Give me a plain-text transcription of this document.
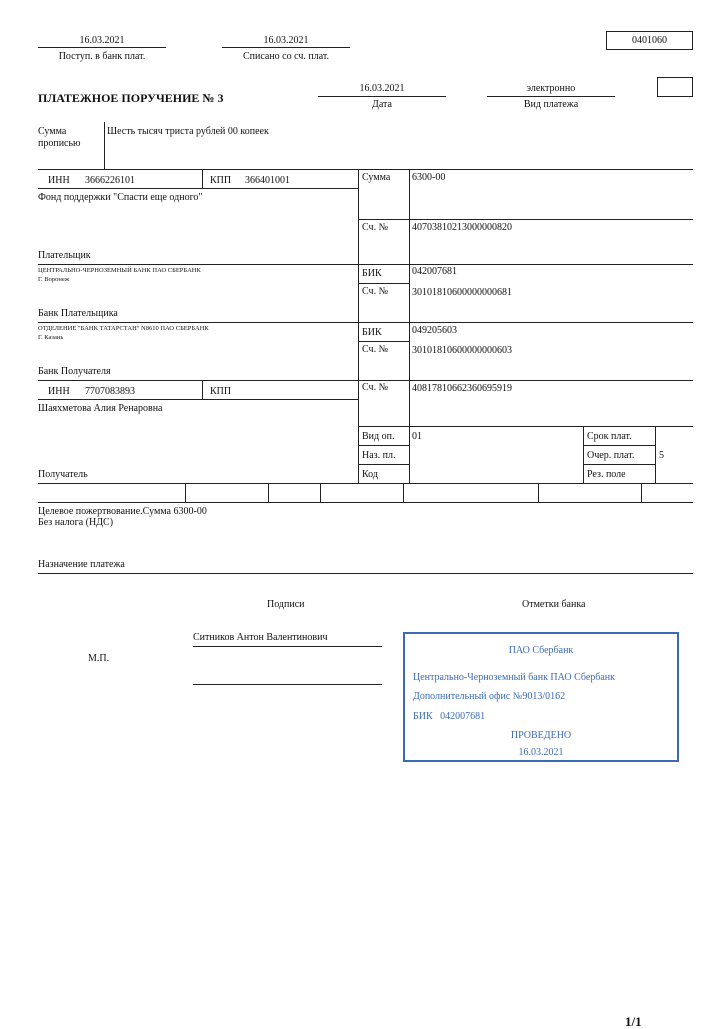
16.03.2021
Поступ. в банк плат.
16.03.2021
Списано со сч. плат.
0401060
ПЛАТЕЖНОЕ ПОРУЧЕНИЕ № 3
16.03.2021
Дата
электронно
Вид платежа
Сумма
прописью
Шесть тысяч триста рублей 00 копеек
ИНН 3666226101	КПП 366401001
Фонд поддержки "Спасти еще одного"
Сумма 6300-00
Сч. № 40703810213000000820
Плательщик
ЦЕНТРАЛЬНО-ЧЕРНОЗЕМНЫЙ БАНК ПАО СБЕРБАНК
Г. Воронеж
БИК	042007681
Сч. № 30101810600000000681
Банк Плательщика
ОТДЕЛЕНИЕ "БАНК ТАТАРСТАН" N8610 ПАО СБЕРБАНК
Г. Казань	БИК	049205603
Сч. № 30101810600000000603
Банк Получателя
ИНН 7707083893	КПП
Шаяхметова Алия Ренаровна
Сч. № 40817810662360695919
Вид оп. 01	Срок плат.
Наз. пл.	Очер. плат. 5
Код	Рез. поле
Получатель
Целевое пожертвование.Сумма 6300-00
Без налога (НДС)
Назначение платежа
Подписи	Отметки банка
Ситников Антон Валентинович
М.П.
ПАО Сбербанк
Центрально-Черноземный банк ПАО Сбербанк
Дополнительный офис №9013/0162
БИК   042007681
ПРОВЕДЕНО
16.03.2021
1/1
